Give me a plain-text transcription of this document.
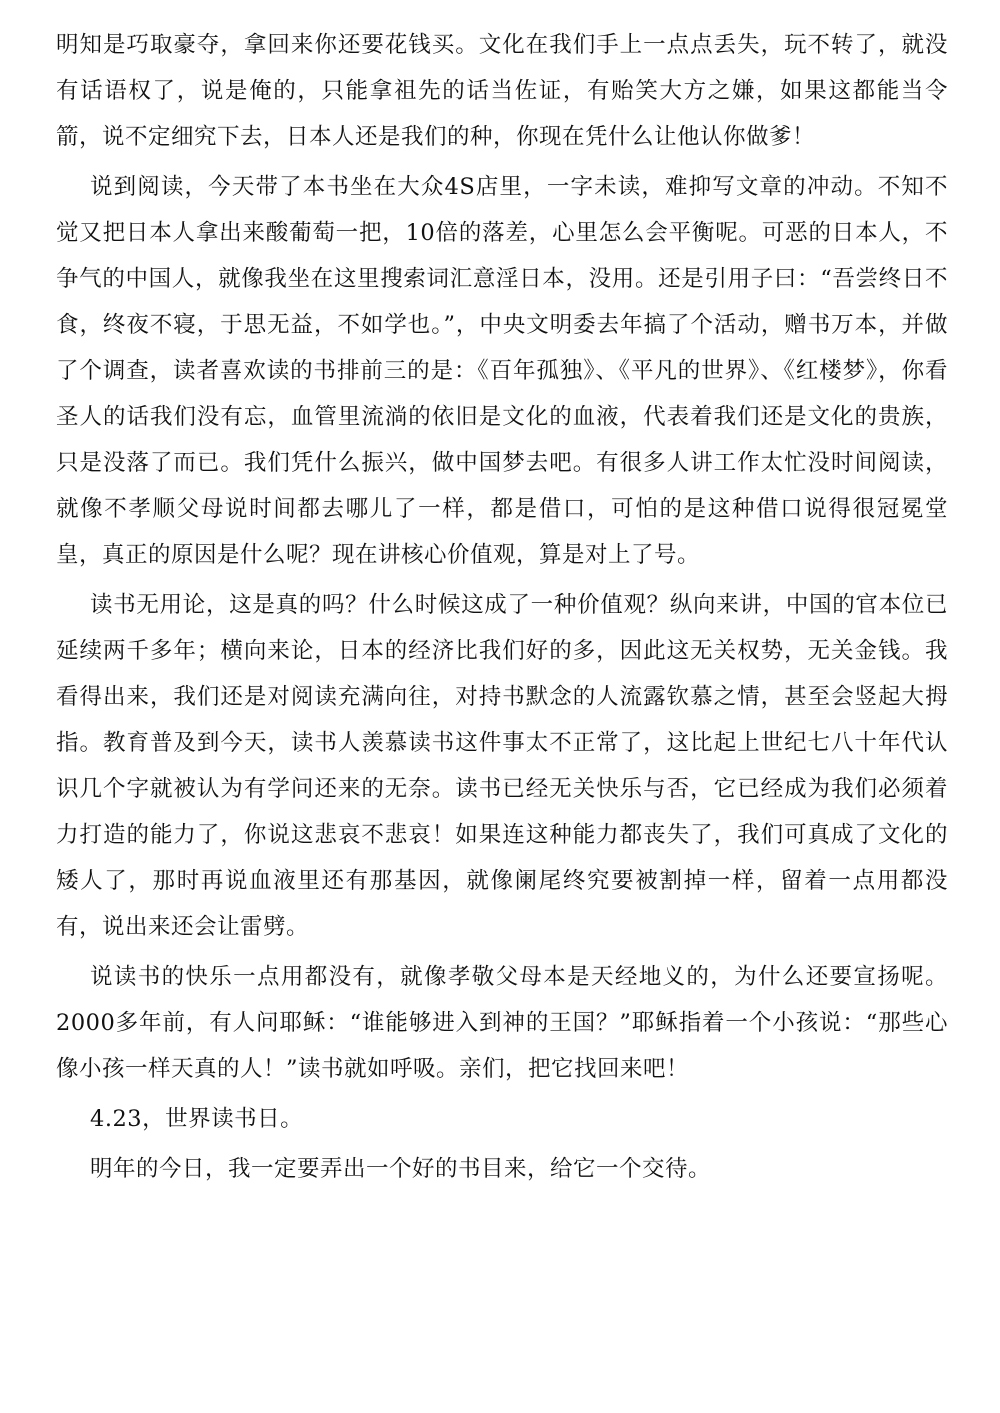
明知是巧取豪夺，拿回来你还要花钱买。文化在我们手上一点点丢失，玩不转了，就没有话语权了，说是俺的，只能拿祖先的话当佐证，有贻笑大方之嫌，如果这都能当令箭，说不定细究下去，日本人还是我们的种，你现在凭什么让他认你做爹！

说到阅读，今天带了本书坐在大众4S店里，一字未读，难抑写文章的冲动。不知不觉又把日本人拿出来酸葡萄一把，10倍的落差，心里怎么会平衡呢。可恶的日本人，不争气的中国人，就像我坐在这里搜索词汇意淫日本，没用。还是引用子曰：“吾尝终日不食，终夜不寝，于思无益，不如学也。”，中央文明委去年搞了个活动，赠书万本，并做了个调查，读者喜欢读的书排前三的是：《百年孤独》、《平凡的世界》、《红楼梦》，你看圣人的话我们没有忘，血管里流淌的依旧是文化的血液，代表着我们还是文化的贵族，只是没落了而已。我们凭什么振兴，做中国梦去吧。有很多人讲工作太忙没时间阅读，就像不孝顺父母说时间都去哪儿了一样，都是借口，可怕的是这种借口说得很冠冕堂皇，真正的原因是什么呢？现在讲核心价值观，算是对上了号。

读书无用论，这是真的吗？什么时候这成了一种价值观？纵向来讲，中国的官本位已延续两千多年；横向来论，日本的经济比我们好的多，因此这无关权势，无关金钱。我看得出来，我们还是对阅读充满向往，对持书默念的人流露钦慕之情，甚至会竖起大拇指。教育普及到今天，读书人羡慕读书这件事太不正常了，这比起上世纪七八十年代认识几个字就被认为有学问还来的无奈。读书已经无关快乐与否，它已经成为我们必须着力打造的能力了，你说这悲哀不悲哀！如果连这种能力都丧失了，我们可真成了文化的矮人了，那时再说血液里还有那基因，就像阑尾终究要被割掉一样，留着一点用都没有，说出来还会让雷劈。

说读书的快乐一点用都没有，就像孝敬父母本是天经地义的，为什么还要宣扬呢。2000多年前，有人问耶稣：“谁能够进入到神的王国？”耶稣指着一个小孩说：“那些心像小孩一样天真的人！”读书就如呼吸。亲们，把它找回来吧！

4.23，世界读书日。

明年的今日，我一定要弄出一个好的书目来，给它一个交待。
